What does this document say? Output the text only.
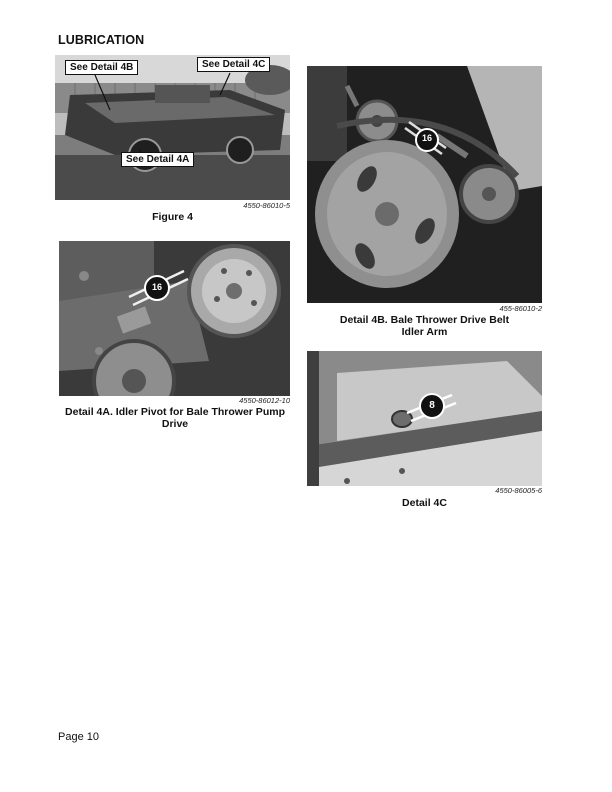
LUBRICATION
See Detail 4B	See Detail 4C
See Detail 4A
4550-86010-5
Figure 4
16
455-86010-2
Detail 4B. Bale Thrower Drive Belt
Idler Arm
16
4550-86012-10
Detail 4A. Idler Pivot for Bale Thrower Pump
Drive
8
4550-86005-6
Detail 4C
Page 10
